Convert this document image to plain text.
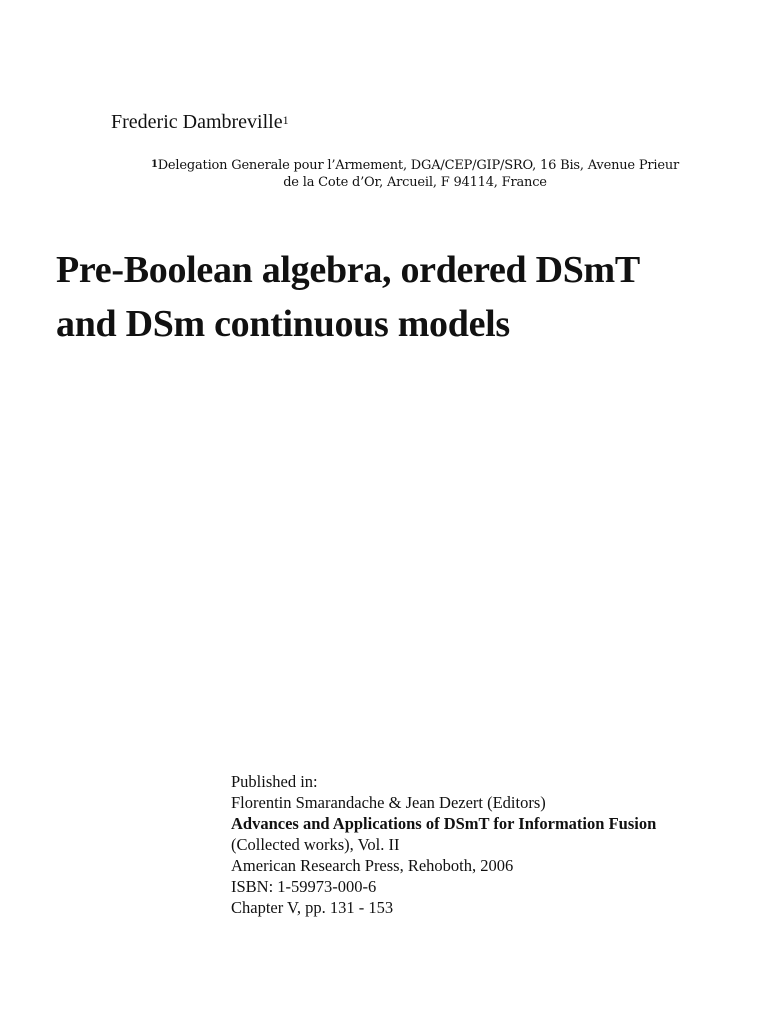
Frederic Dambreville$^1$
$^1$Delegation Generale pour l’Armement, DGA/CEP/GIP/SRO, 16 Bis, Avenue Prieur
de la Cote d’Or, Arcueil, F 94114, France
Pre-Boolean algebra, ordered DSmT
and DSm continuous models
Published in:
Florentin Smarandache & Jean Dezert (Editors)
Advances and Applications of DSmT for Information Fusion
(Collected works), Vol. II
American Research Press, Rehoboth, 2006
ISBN: 1-59973-000-6
Chapter V, pp. 131 - 153
